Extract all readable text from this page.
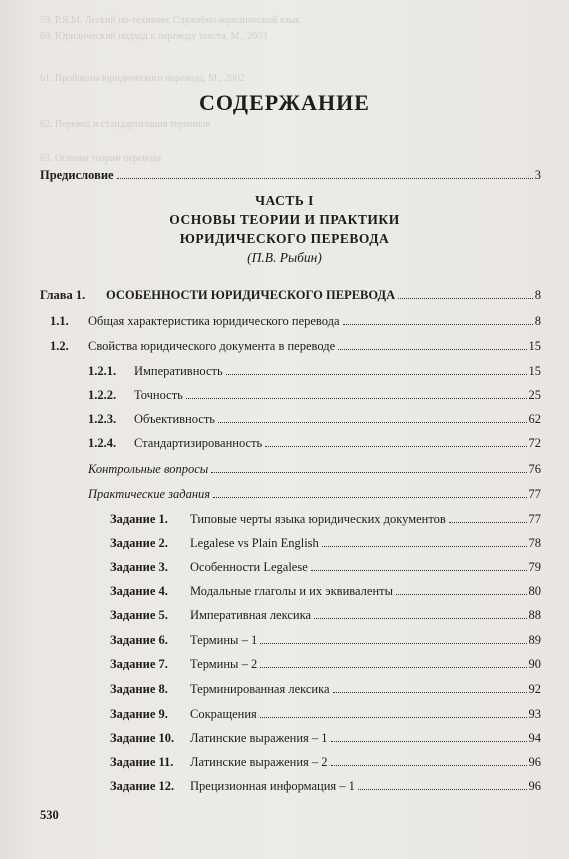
59. Р.Я.М. Легкий по-техничес Служебно-юридический язык
60. Юридический подход к переводу текста, М., 2003
61. Проблемы юридического перевода, М., 2002
62. Перевод и стандартизация терминов
63. Основы теории перевода
СОДЕРЖАНИЕ
Предисловие	3
ЧАСТЬ I
ОСНОВЫ ТЕОРИИ И ПРАКТИКИ
ЮРИДИЧЕСКОГО ПЕРЕВОДА
(П.В. Рыбин)
Глава 1.	ОСОБЕННОСТИ ЮРИДИЧЕСКОГО ПЕРЕВОДА	8
1.1.	Общая характеристика юридического перевода	8
1.2.	Свойства юридического документа в переводе	15
1.2.1.	Императивность	15
1.2.2.	Точность	25
1.2.3.	Объективность	62
1.2.4.	Стандартизированность	72
Контрольные вопросы	76
Практические задания	77
Задание 1.	Типовые черты языка юридических документов	77
Задание 2.	Legalese vs Plain English	78
Задание 3.	Особенности Legalese	79
Задание 4.	Модальные глаголы и их эквиваленты	80
Задание 5.	Императивная лексика	88
Задание 6.	Термины – 1	89
Задание 7.	Термины – 2	90
Задание 8.	Терминированная лексика	92
Задание 9.	Сокращения	93
Задание 10.	Латинские выражения – 1	94
Задание 11.	Латинские выражения – 2	96
Задание 12.	Прецизионная информация – 1	96
530
